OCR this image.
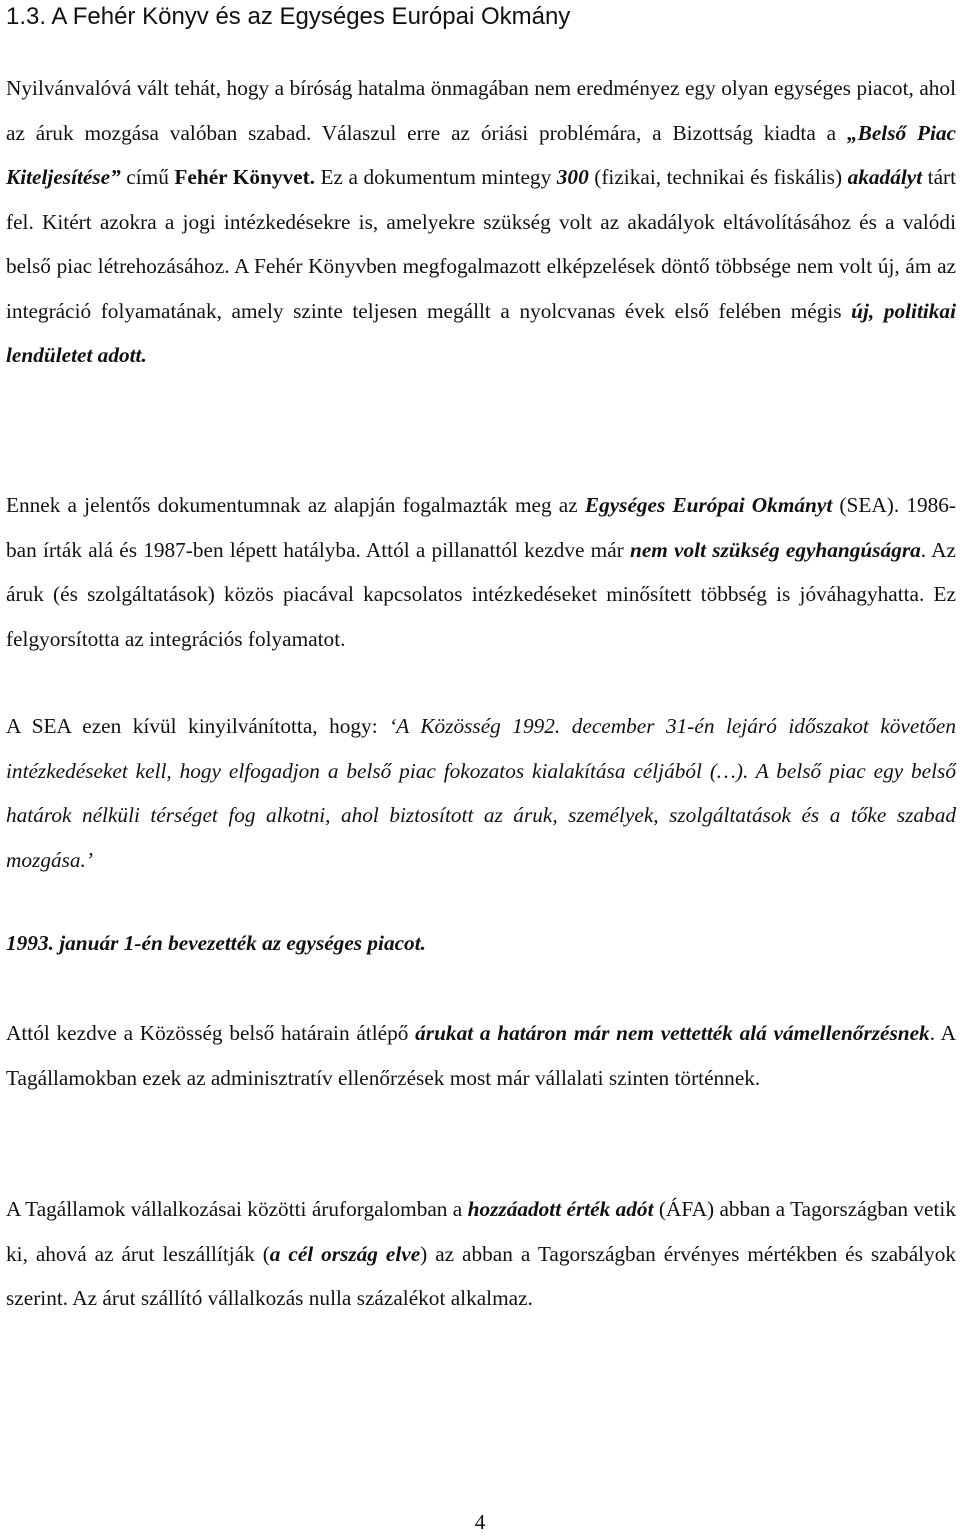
1.3. A Fehér Könyv és az Egységes Európai Okmány

Nyilvánvalóvá vált tehát, hogy a bíróság hatalma önmagában nem eredményez egy olyan egységes piacot, ahol az áruk mozgása valóban szabad. Válaszul erre az óriási problémára, a Bizottság kiadta a „Belső Piac Kiteljesítése” című Fehér Könyvet. Ez a dokumentum mintegy 300 (fizikai, technikai és fiskális) akadályt tárt fel. Kitért azokra a jogi intézkedésekre is, amelyekre szükség volt az akadályok eltávolításához és a valódi belső piac létrehozásához. A Fehér Könyvben megfogalmazott elképzelések döntő többsége nem volt új, ám az integráció folyamatának, amely szinte teljesen megállt a nyolcvanas évek első felében mégis új, politikai lendületet adott.

Ennek a jelentős dokumentumnak az alapján fogalmazták meg az Egységes Európai Okmányt (SEA). 1986-ban írták alá és 1987-ben lépett hatályba. Attól a pillanattól kezdve már nem volt szükség egyhangúságra. Az áruk (és szolgáltatások) közös piacával kapcsolatos intézkedéseket minősített többség is jóváhagyhatta. Ez felgyorsította az integrációs folyamatot.

A SEA ezen kívül kinyilvánította, hogy: ‘A Közösség 1992. december 31-én lejáró időszakot követően intézkedéseket kell, hogy elfogadjon a belső piac fokozatos kialakítása céljából (…). A belső piac egy belső határok nélküli térséget fog alkotni, ahol biztosított az áruk, személyek, szolgáltatások és a tőke szabad mozgása.’

1993. január 1-én bevezették az egységes piacot.

Attól kezdve a Közösség belső határain átlépő árukat a határon már nem vettették alá vámellenőrzésnek. A Tagállamokban ezek az adminisztratív ellenőrzések most már vállalati szinten történnek.

A Tagállamok vállalkozásai közötti áruforgalomban a hozzáadott érték adót (ÁFA) abban a Tagországban vetik ki, ahová az árut leszállítják (a cél ország elve) az abban a Tagországban érvényes mértékben és szabályok szerint. Az árut szállító vállalkozás nulla százalékot alkalmaz.

4
